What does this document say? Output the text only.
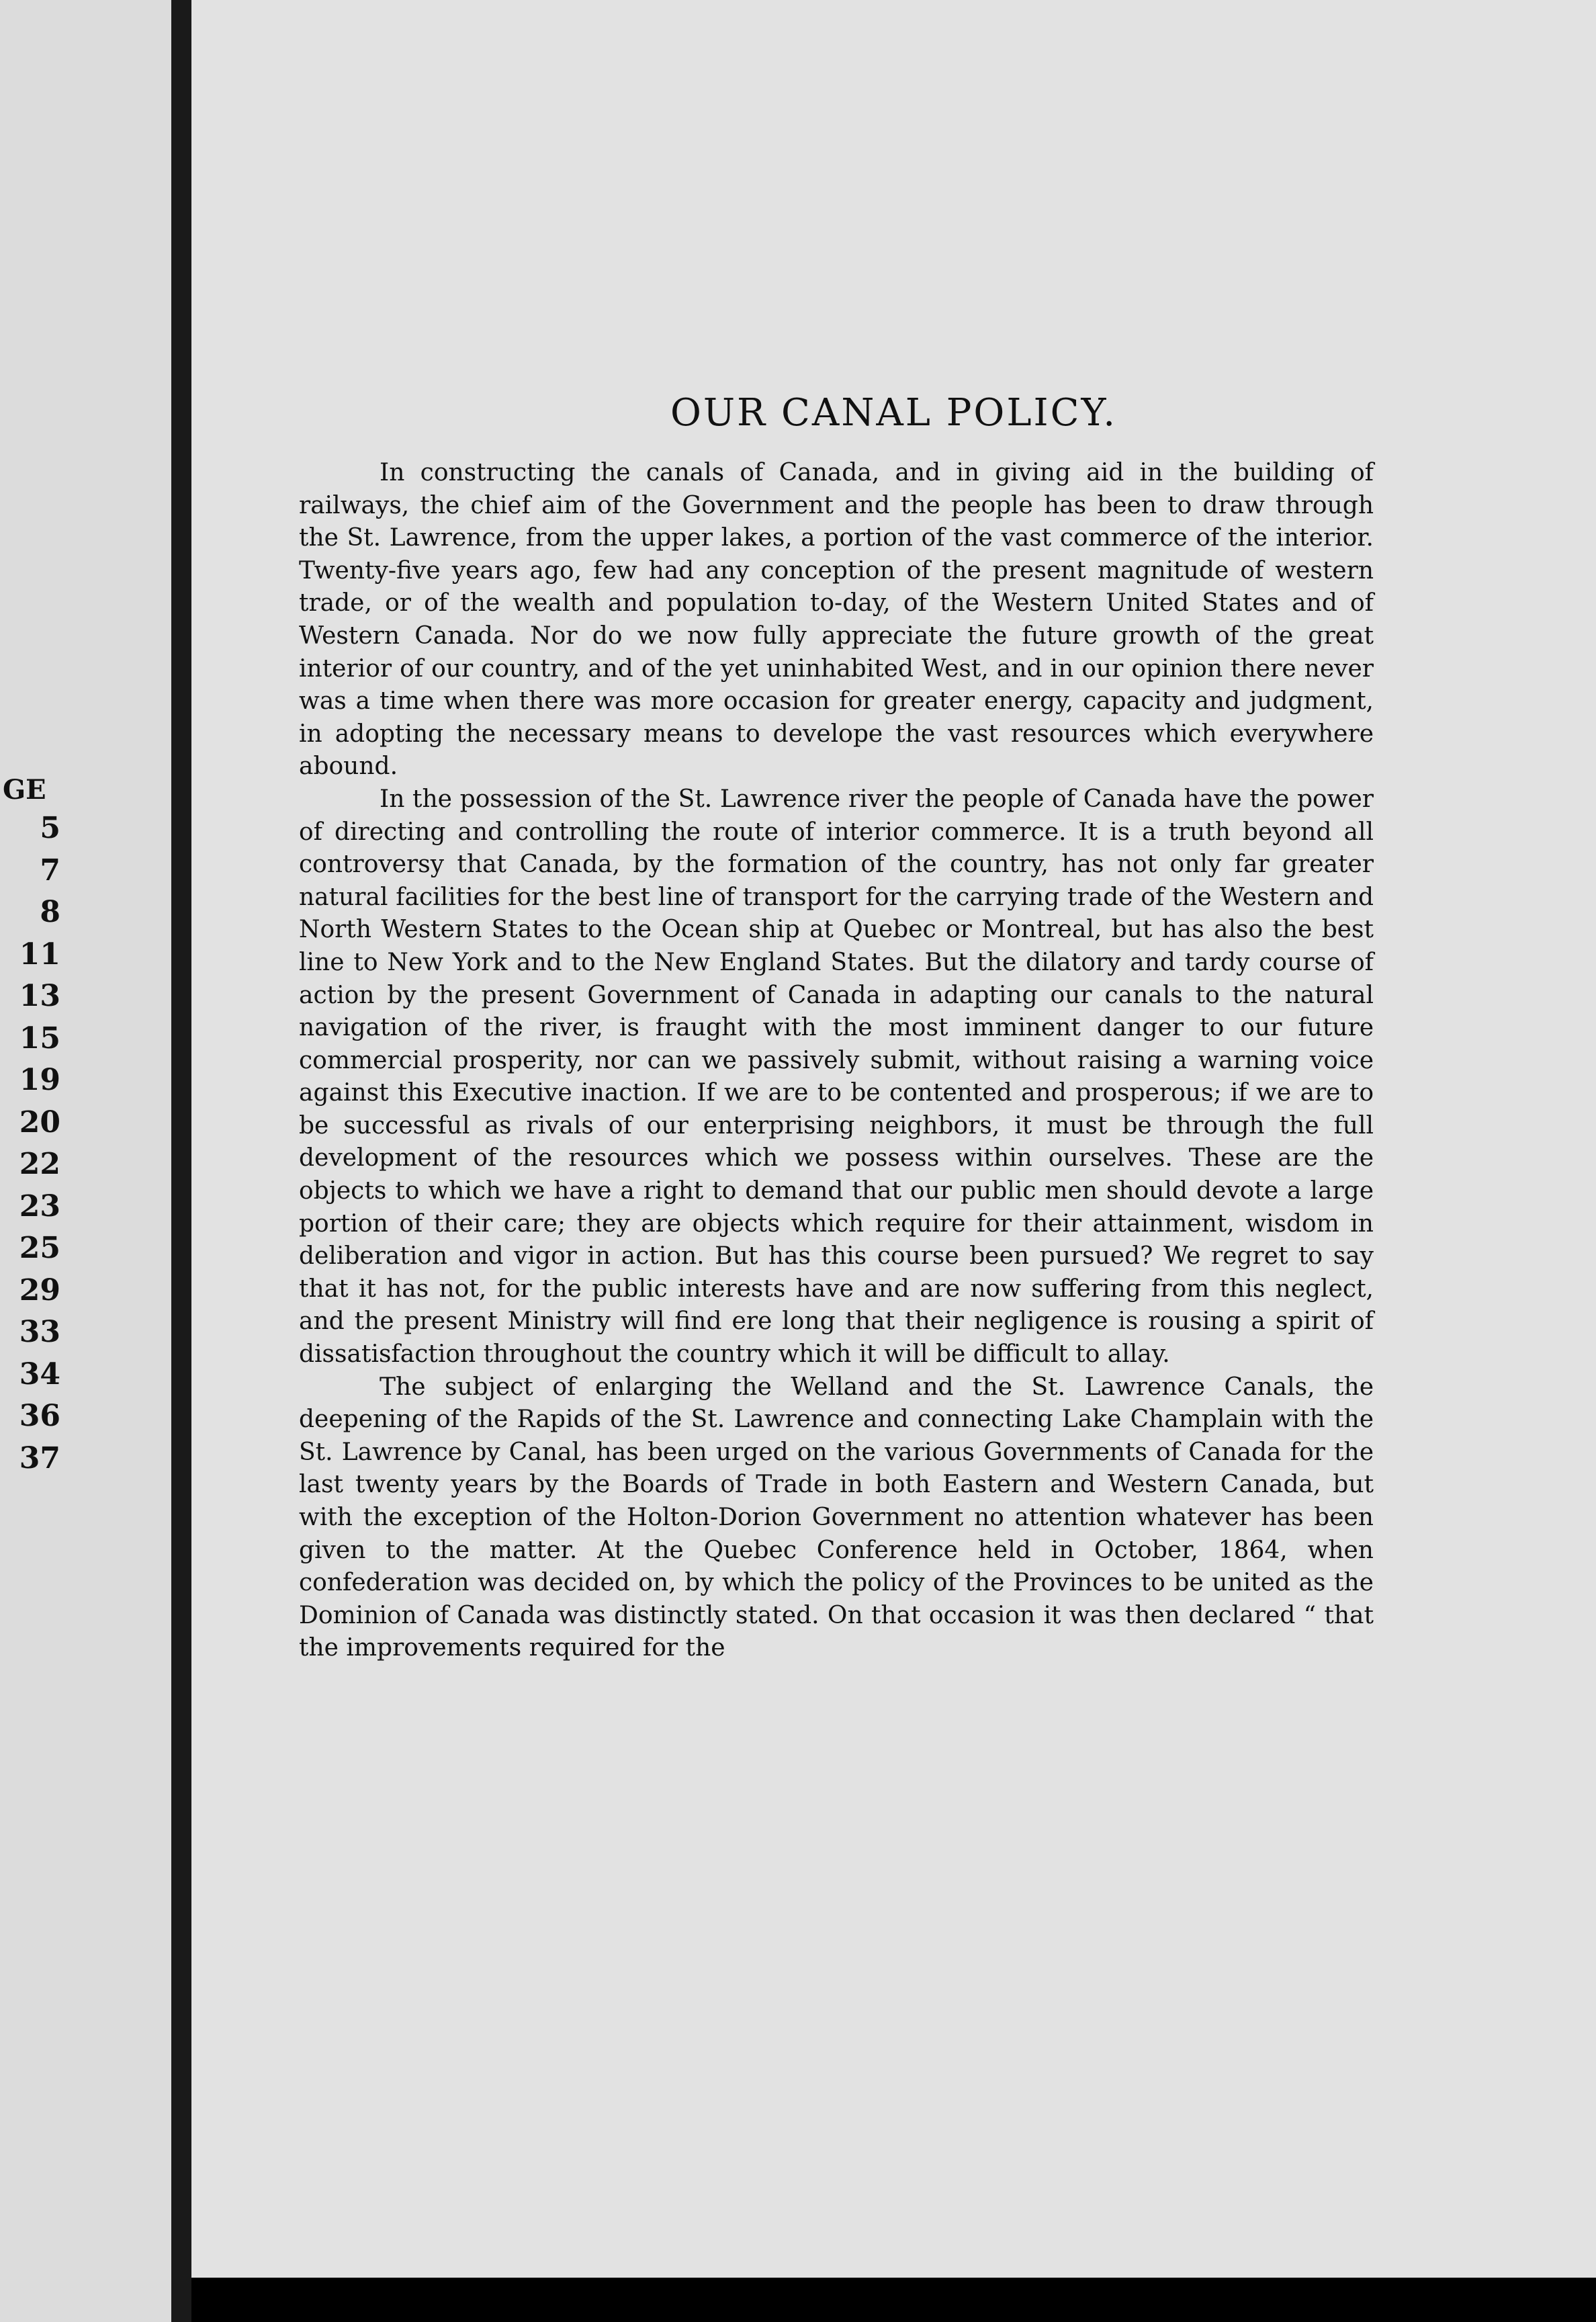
GE
5
7
8
11
13
15
19
20
22
23
25
29
33
34
36
37
OUR CANAL POLICY.

In constructing the canals of Canada, and in giving aid in the building of railways, the chief aim of the Government and the people has been to draw through the St. Lawrence, from the upper lakes, a portion of the vast commerce of the interior. Twenty-five years ago, few had any conception of the present magnitude of western trade, or of the wealth and population to-day, of the Western United States and of Western Canada. Nor do we now fully appreciate the future growth of the great interior of our country, and of the yet uninhabited West, and in our opinion there never was a time when there was more occasion for greater energy, capacity and judgment, in adopting the necessary means to develope the vast resources which everywhere abound.

In the possession of the St. Lawrence river the people of Canada have the power of directing and controlling the route of interior commerce. It is a truth beyond all controversy that Canada, by the formation of the country, has not only far greater natural facilities for the best line of transport for the carrying trade of the Western and North Western States to the Ocean ship at Quebec or Montreal, but has also the best line to New York and to the New England States. But the dilatory and tardy course of action by the present Government of Canada in adapting our canals to the natural navigation of the river, is fraught with the most imminent danger to our future commercial prosperity, nor can we passively submit, without raising a warning voice against this Executive inaction. If we are to be contented and prosperous; if we are to be successful as rivals of our enterprising neighbors, it must be through the full development of the resources which we possess within ourselves. These are the objects to which we have a right to demand that our public men should devote a large portion of their care; they are objects which require for their attainment, wisdom in deliberation and vigor in action. But has this course been pursued? We regret to say that it has not, for the public interests have and are now suffering from this neglect, and the present Ministry will find ere long that their negligence is rousing a spirit of dissatisfaction throughout the country which it will be difficult to allay.

The subject of enlarging the Welland and the St. Lawrence Canals, the deepening of the Rapids of the St. Lawrence and connecting Lake Champlain with the St. Lawrence by Canal, has been urged on the various Governments of Canada for the last twenty years by the Boards of Trade in both Eastern and Western Canada, but with the exception of the Holton-Dorion Government no attention whatever has been given to the matter. At the Quebec Conference held in October, 1864, when confederation was decided on, by which the policy of the Provinces to be united as the Dominion of Canada was distinctly stated. On that occasion it was then declared “ that the improvements required for the
